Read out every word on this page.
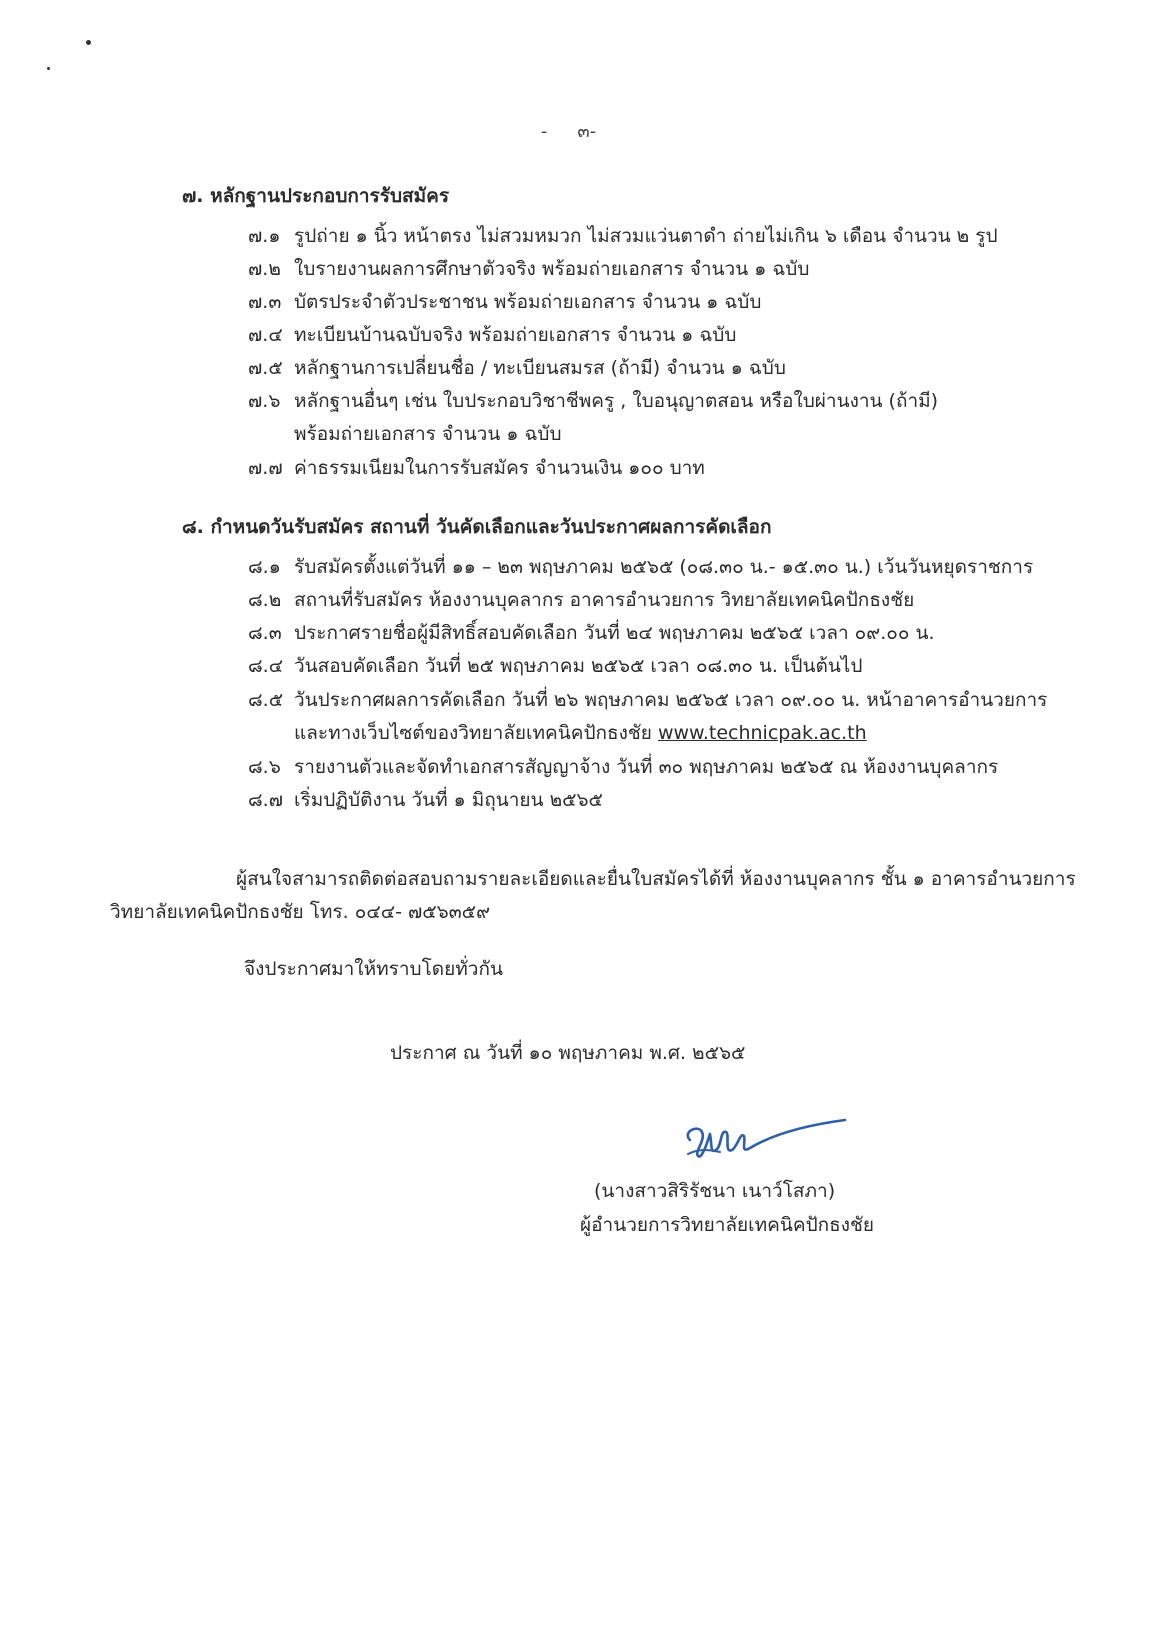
-๓-
๗. หลักฐานประกอบการรับสมัคร
๗.๑ รูปถ่าย ๑ นิ้ว หน้าตรง ไม่สวมหมวก ไม่สวมแว่นตาดำ ถ่ายไม่เกิน ๖ เดือน จำนวน ๒ รูป
๗.๒ ใบรายงานผลการศึกษาตัวจริง พร้อมถ่ายเอกสาร จำนวน ๑ ฉบับ
๗.๓ บัตรประจำตัวประชาชน พร้อมถ่ายเอกสาร จำนวน ๑ ฉบับ
๗.๔ ทะเบียนบ้านฉบับจริง พร้อมถ่ายเอกสาร จำนวน ๑ ฉบับ
๗.๕ หลักฐานการเปลี่ยนชื่อ / ทะเบียนสมรส (ถ้ามี) จำนวน ๑ ฉบับ
๗.๖ หลักฐานอื่นๆ เช่น ใบประกอบวิชาชีพครู , ใบอนุญาตสอน หรือใบผ่านงาน (ถ้ามี)
พร้อมถ่ายเอกสาร จำนวน ๑ ฉบับ
๗.๗ ค่าธรรมเนียมในการรับสมัคร จำนวนเงิน ๑๐๐ บาท
๘. กำหนดวันรับสมัคร สถานที่ วันคัดเลือกและวันประกาศผลการคัดเลือก
๘.๑ รับสมัครตั้งแต่วันที่ ๑๑ – ๒๓ พฤษภาคม ๒๕๖๕ (๐๘.๓๐ น.- ๑๕.๓๐ น.) เว้นวันหยุดราชการ
๘.๒ สถานที่รับสมัคร ห้องงานบุคลากร อาคารอำนวยการ วิทยาลัยเทคนิคปักธงชัย
๘.๓ ประกาศรายชื่อผู้มีสิทธิ์สอบคัดเลือก วันที่ ๒๔ พฤษภาคม ๒๕๖๕ เวลา ๐๙.๐๐ น.
๘.๔ วันสอบคัดเลือก วันที่ ๒๕ พฤษภาคม ๒๕๖๕ เวลา ๐๘.๓๐ น. เป็นต้นไป
๘.๕ วันประกาศผลการคัดเลือก วันที่ ๒๖ พฤษภาคม ๒๕๖๕ เวลา ๐๙.๐๐ น. หน้าอาคารอำนวยการ
และทางเว็บไซต์ของวิทยาลัยเทคนิคปักธงชัย www.technicpak.ac.th
๘.๖ รายงานตัวและจัดทำเอกสารสัญญาจ้าง วันที่ ๓๐ พฤษภาคม ๒๕๖๕ ณ ห้องงานบุคลากร
๘.๗ เริ่มปฏิบัติงาน วันที่ ๑ มิถุนายน ๒๕๖๕
ผู้สนใจสามารถติดต่อสอบถามรายละเอียดและยื่นใบสมัครได้ที่ ห้องงานบุคลากร ชั้น ๑ อาคารอำนวยการ
วิทยาลัยเทคนิคปักธงชัย โทร. ๐๔๔- ๗๕๖๓๕๙
จึงประกาศมาให้ทราบโดยทั่วกัน
ประกาศ ณ วันที่ ๑๐ พฤษภาคม พ.ศ. ๒๕๖๕
(นางสาวสิริรัชนา เนาว์โสภา)
ผู้อำนวยการวิทยาลัยเทคนิคปักธงชัย
